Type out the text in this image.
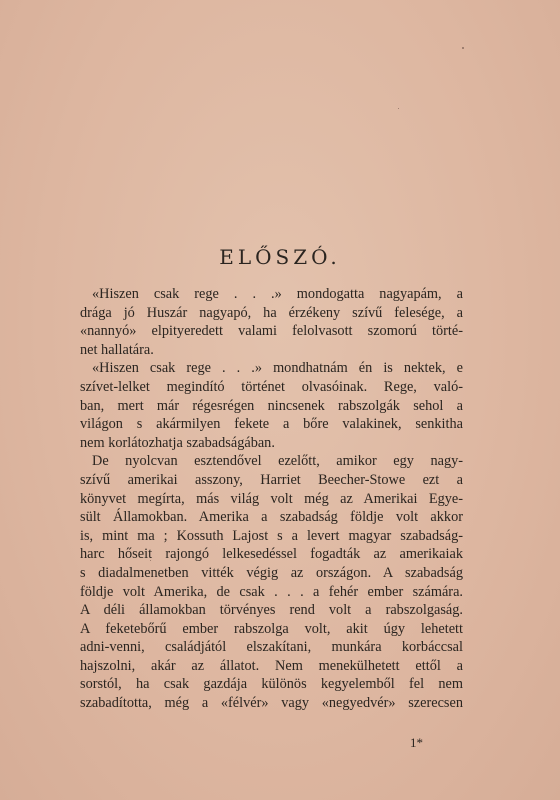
ELŐSZÓ.
«Hiszen csak rege . . .» mondogatta nagyapám, a
drága jó Huszár nagyapó, ha érzékeny szívű felesége, a
«nannyó» elpityeredett valami felolvasott szomorú törté-
net hallatára.
«Hiszen csak rege . . .» mondhatnám én is nektek, e
szívet-lelket megindító történet olvasóinak. Rege, való-
ban, mert már régesrégen nincsenek rabszolgák sehol a
világon s akármilyen fekete a bőre valakinek, senkitha
nem korlátozhatja szabadságában.
De nyolcvan esztendővel ezelőtt, amikor egy nagy-
szívű amerikai asszony, Harriet Beecher-Stowe ezt a
könyvet megírta, más világ volt még az Amerikai Egye-
sült Államokban. Amerika a szabadság földje volt akkor
is, mint ma ; Kossuth Lajost s a levert magyar szabadság-
harc hőseit rajongó lelkesedéssel fogadták az amerikaiak
s diadalmenetben vitték végig az országon. A szabadság
földje volt Amerika, de csak . . . a fehér ember számára.
A déli államokban törvényes rend volt a rabszolgaság.
A feketebőrű ember rabszolga volt, akit úgy lehetett
adni-venni, családjától elszakítani, munkára korbáccsal
hajszolni, akár az állatot. Nem menekülhetett ettől a
sorstól, ha csak gazdája különös kegyelemből fel nem
szabadította, még a «félvér» vagy «negyedvér» szerecsen
1*
